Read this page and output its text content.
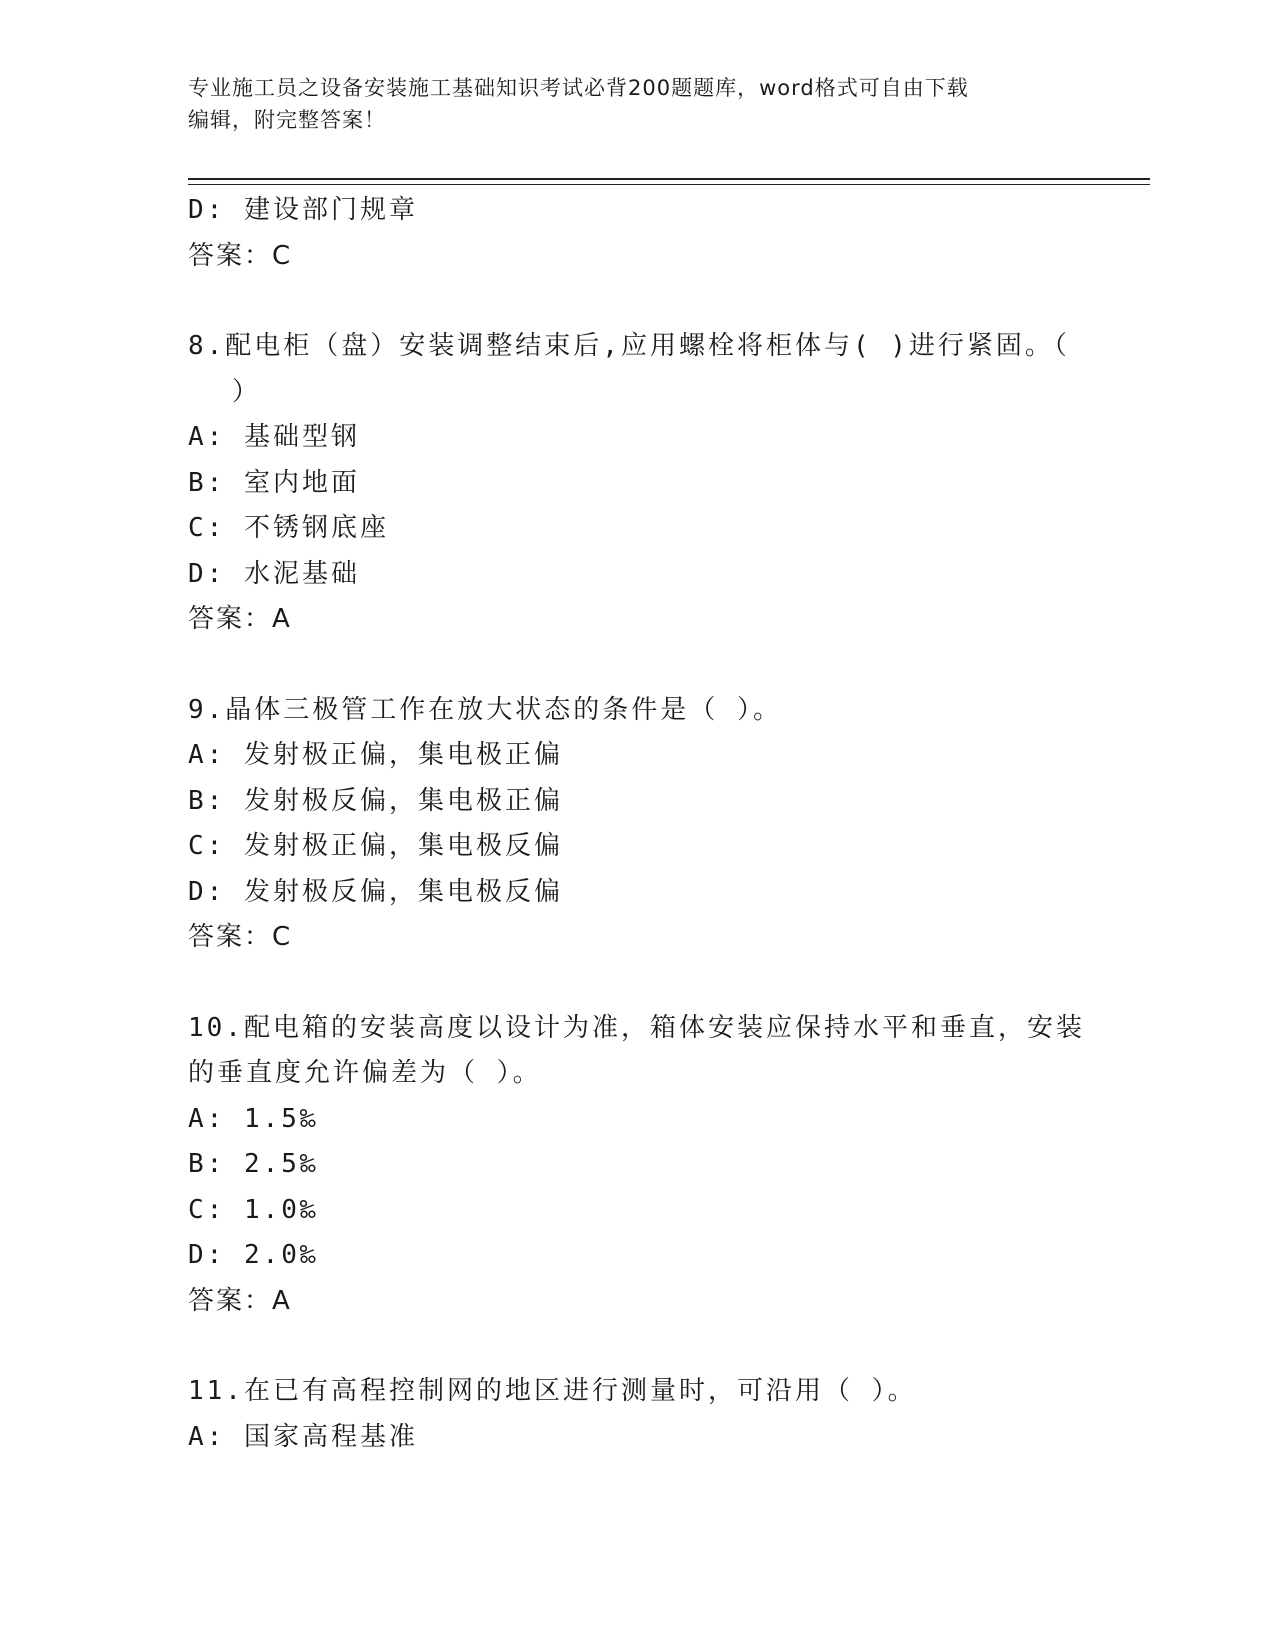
专业施工员之设备安装施工基础知识考试必背200题题库，word格式可自由下载
编辑，附完整答案！
D: 建设部门规章
答案：C
8.配电柜（盘）安装调整结束后,应用螺栓将柜体与( )进行紧固。（
）
A: 基础型钢
B: 室内地面
C: 不锈钢底座
D: 水泥基础
答案：A
9.晶体三极管工作在放大状态的条件是（ ）。
A: 发射极正偏，集电极正偏
B: 发射极反偏，集电极正偏
C: 发射极正偏，集电极反偏
D: 发射极反偏，集电极反偏
答案：C
10.配电箱的安装高度以设计为准，箱体安装应保持水平和垂直，安装
的垂直度允许偏差为（ ）。
A: 1.5‰
B: 2.5‰
C: 1.0‰
D: 2.0‰
答案：A
11.在已有高程控制网的地区进行测量时，可沿用（ ）。
A: 国家高程基准
